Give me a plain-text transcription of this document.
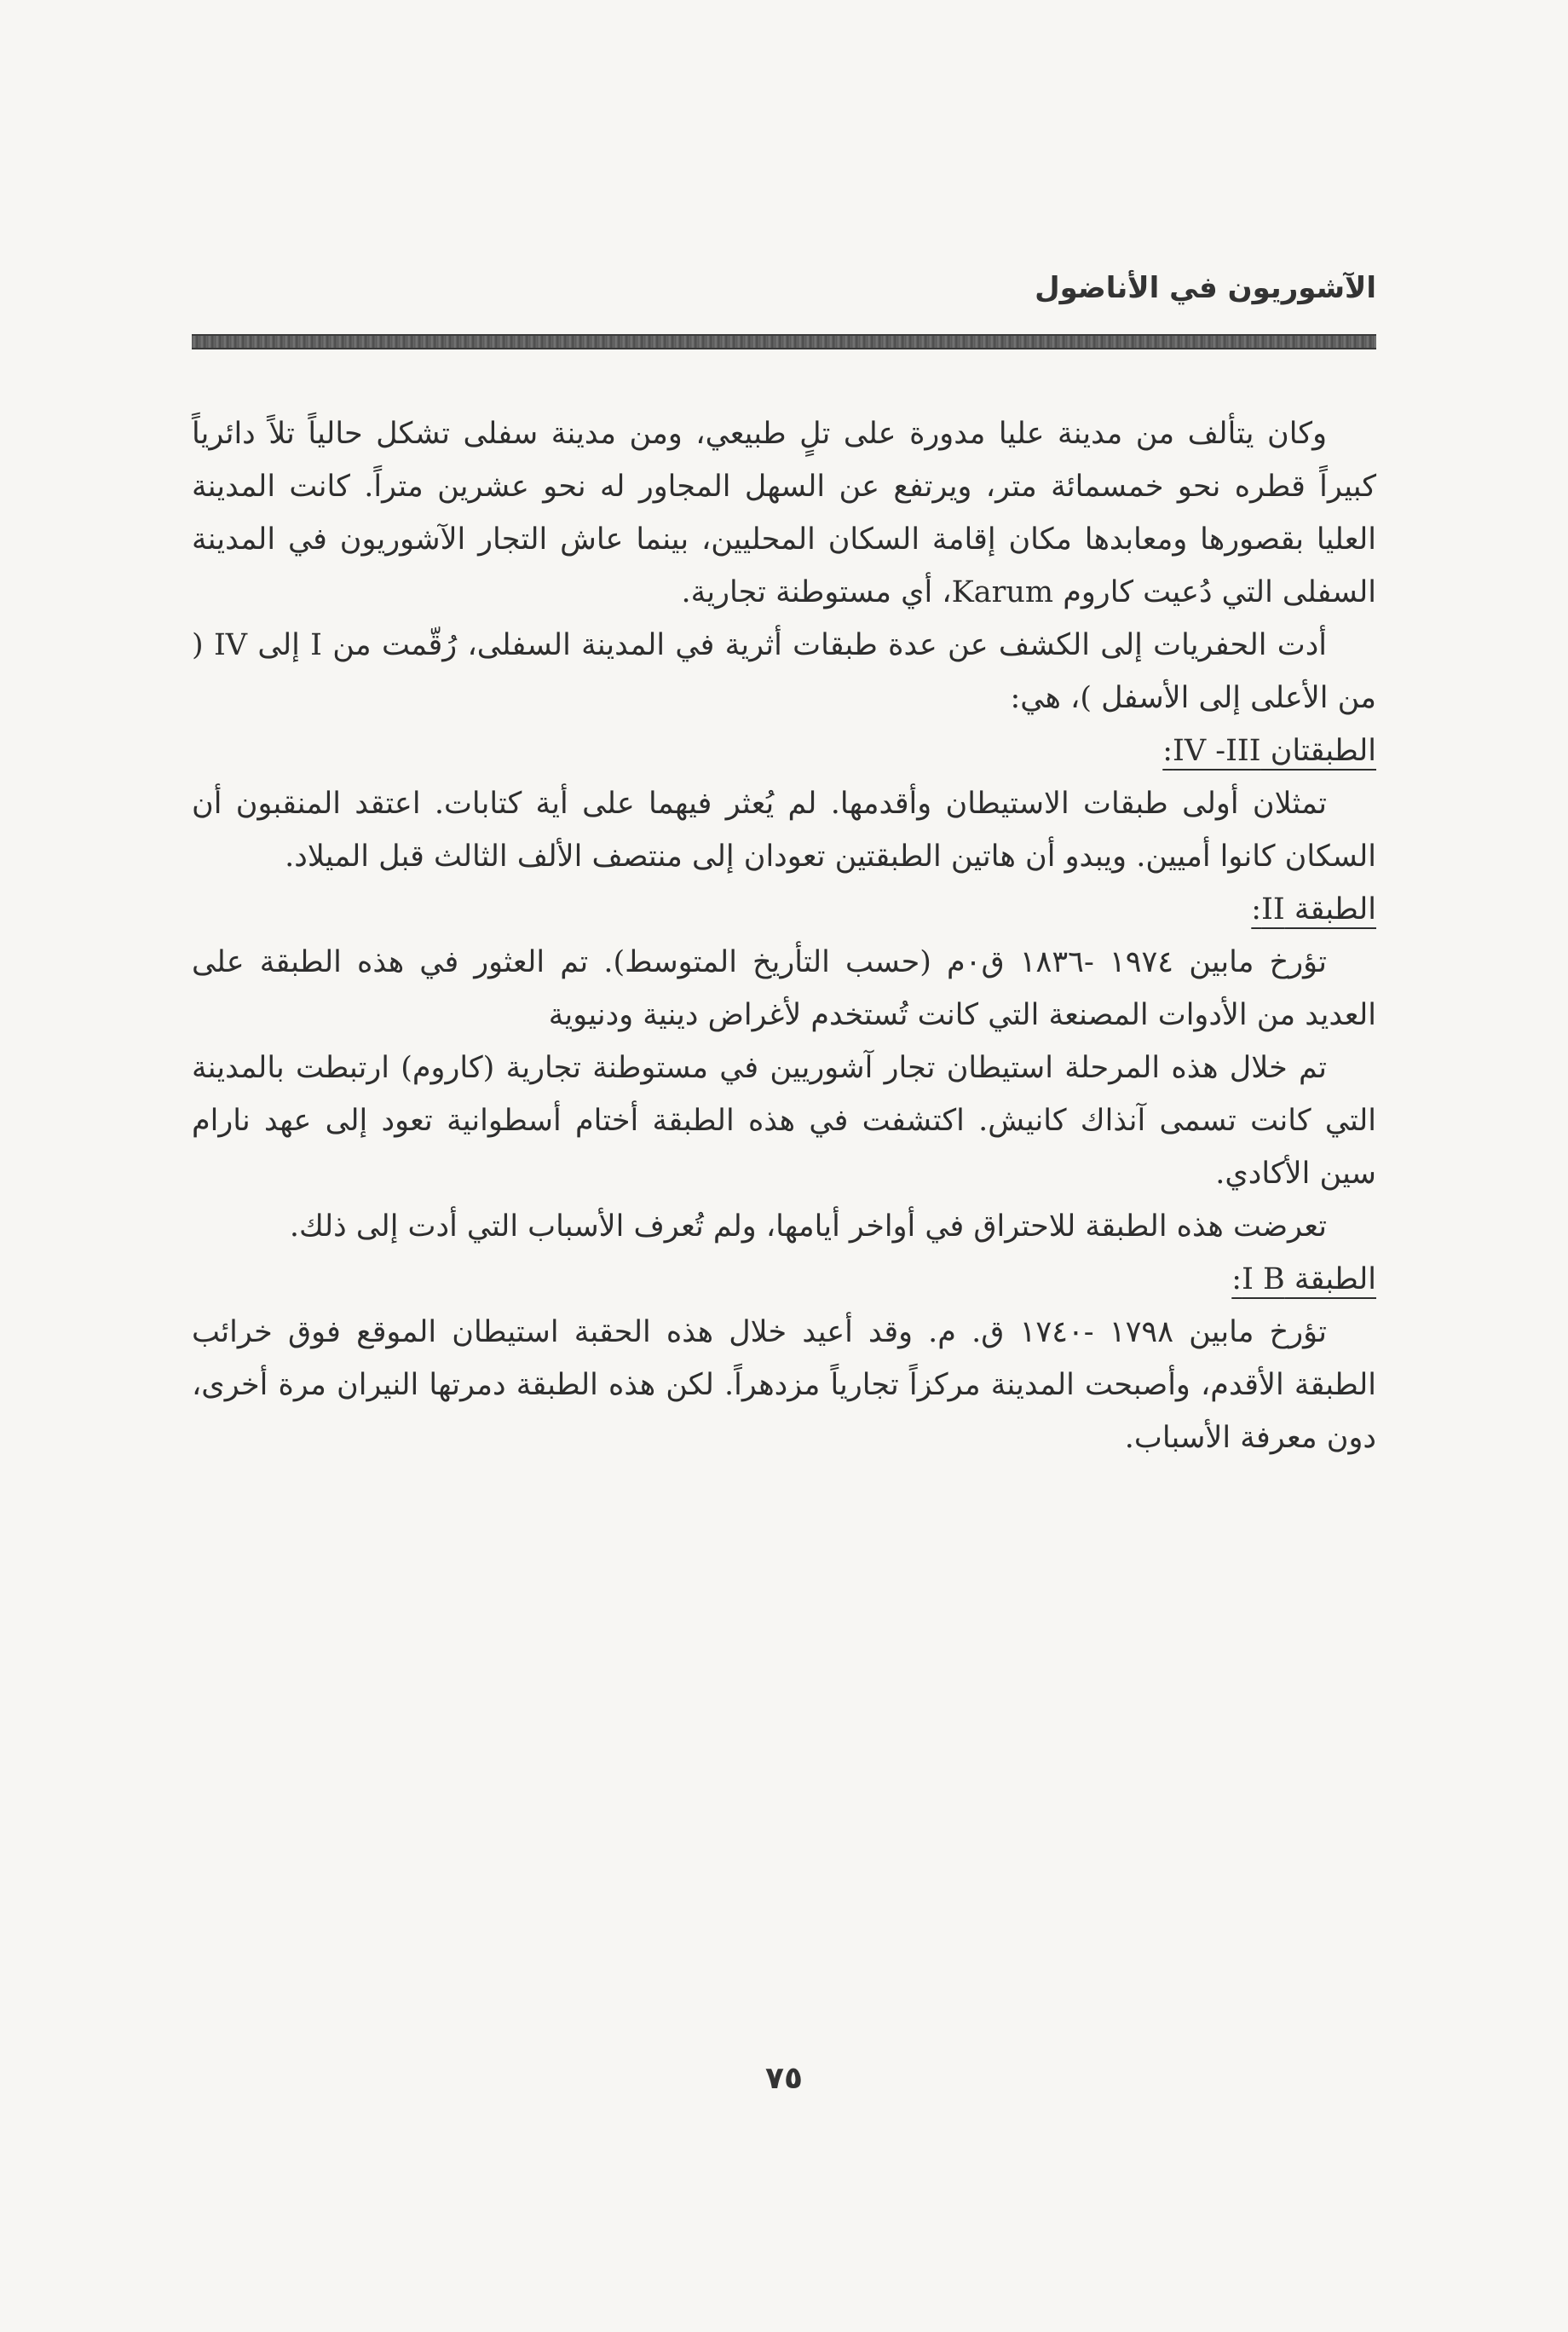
الآشوريون في الأناضول

وكان يتألف من مدينة عليا مدورة على تلٍ طبيعي، ومن مدينة سفلى تشكل حالياً تلاً دائرياً كبيراً قطره نحو خمسمائة متر، ويرتفع عن السهل المجاور له نحو عشرين متراً. كانت المدينة العليا بقصورها ومعابدها مكان إقامة السكان المحليين، بينما عاش التجار الآشوريون في المدينة السفلى التي دُعيت كاروم Karum، أي مستوطنة تجارية.

أدت الحفريات إلى الكشف عن عدة طبقات أثرية في المدينة السفلى، رُقّمت من I إلى IV ( من الأعلى إلى الأسفل )، هي:

الطبقتان IV -III:

تمثلان أولى طبقات الاستيطان وأقدمها. لم يُعثر فيهما على أية كتابات. اعتقد المنقبون أن السكان كانوا أميين. ويبدو أن هاتين الطبقتين تعودان إلى منتصف الألف الثالث قبل الميلاد.

الطبقة II:

تؤرخ مابين ١٩٧٤ -١٨٣٦ ق٠م (حسب التأريخ المتوسط). تم العثور في هذه الطبقة على العديد من الأدوات المصنعة التي كانت تُستخدم لأغراض دينية ودنيوية

تم خلال هذه المرحلة استيطان تجار آشوريين في مستوطنة تجارية (كاروم) ارتبطت بالمدينة التي كانت تسمى آنذاك كانيش. اكتشفت في هذه الطبقة أختام أسطوانية تعود إلى عهد نارام سين الأكادي.

تعرضت هذه الطبقة للاحتراق في أواخر أيامها، ولم تُعرف الأسباب التي أدت إلى ذلك.

الطبقة I B:

تؤرخ مابين ١٧٩٨ -١٧٤٠ ق. م. وقد أعيد خلال هذه الحقبة استيطان الموقع فوق خرائب الطبقة الأقدم، وأصبحت المدينة مركزاً تجارياً مزدهراً. لكن هذه الطبقة دمرتها النيران مرة أخرى، دون معرفة الأسباب.

٧٥
